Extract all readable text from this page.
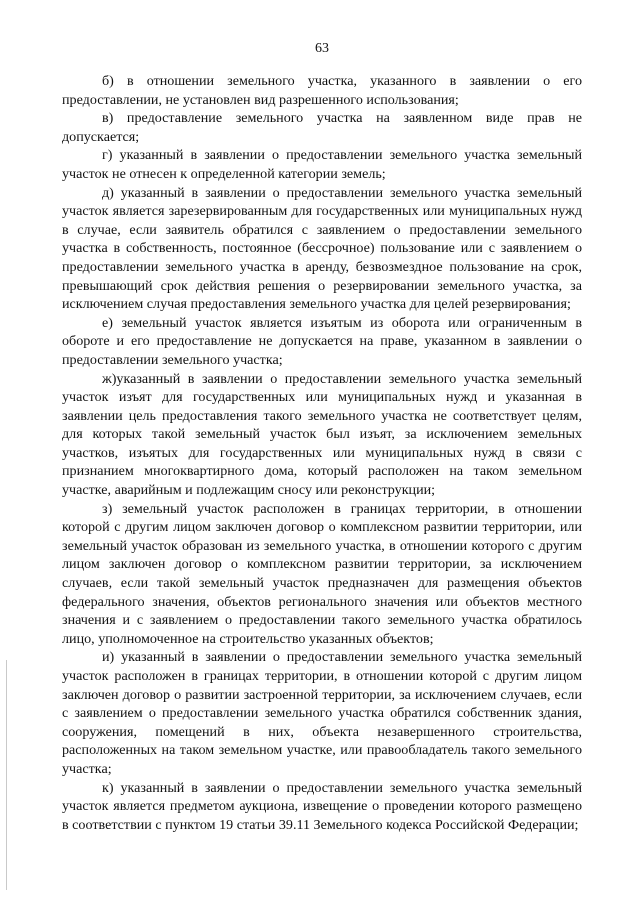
63

б) в отношении земельного участка, указанного в заявлении о его предоставлении, не установлен вид разрешенного использования;

в) предоставление земельного участка на заявленном виде прав не допускается;

г) указанный в заявлении о предоставлении земельного участка земельный участок не отнесен к определенной категории земель;

д) указанный в заявлении о предоставлении земельного участка земельный участок является зарезервированным для государственных или муниципальных нужд в случае, если заявитель обратился с заявлением о предоставлении земельного участка в собственность, постоянное (бессрочное) пользование или с заявлением о предоставлении земельного участка в аренду, безвозмездное пользование на срок, превышающий срок действия решения о резервировании земельного участка, за исключением случая предоставления земельного участка для целей резервирования;

е) земельный участок является изъятым из оборота или ограниченным в обороте и его предоставление не допускается на праве, указанном в заявлении о предоставлении земельного участка;

ж)указанный в заявлении о предоставлении земельного участка земельный участок изъят для государственных или муниципальных нужд и указанная в заявлении цель предоставления такого земельного участка не соответствует целям, для которых такой земельный участок был изъят, за исключением земельных участков, изъятых для государственных или муниципальных нужд в связи с признанием многоквартирного дома, который расположен на таком земельном участке, аварийным и подлежащим сносу или реконструкции;

з) земельный участок расположен в границах территории, в отношении которой с другим лицом заключен договор о комплексном развитии территории, или земельный участок образован из земельного участка, в отношении которого с другим лицом заключен договор о комплексном развитии территории, за исключением случаев, если такой земельный участок предназначен для размещения объектов федерального значения, объектов регионального значения или объектов местного значения и с заявлением о предоставлении такого земельного участка обратилось лицо, уполномоченное на строительство указанных объектов;

и) указанный в заявлении о предоставлении земельного участка земельный участок расположен в границах территории, в отношении которой с другим лицом заключен договор о развитии застроенной территории, за исключением случаев, если с заявлением о предоставлении земельного участка обратился собственник здания, сооружения, помещений в них, объекта незавершенного строительства, расположенных на таком земельном участке, или правообладатель такого земельного участка;

к) указанный в заявлении о предоставлении земельного участка земельный участок является предметом аукциона, извещение о проведении которого размещено в соответствии с пунктом 19 статьи 39.11 Земельного кодекса Российской Федерации;
